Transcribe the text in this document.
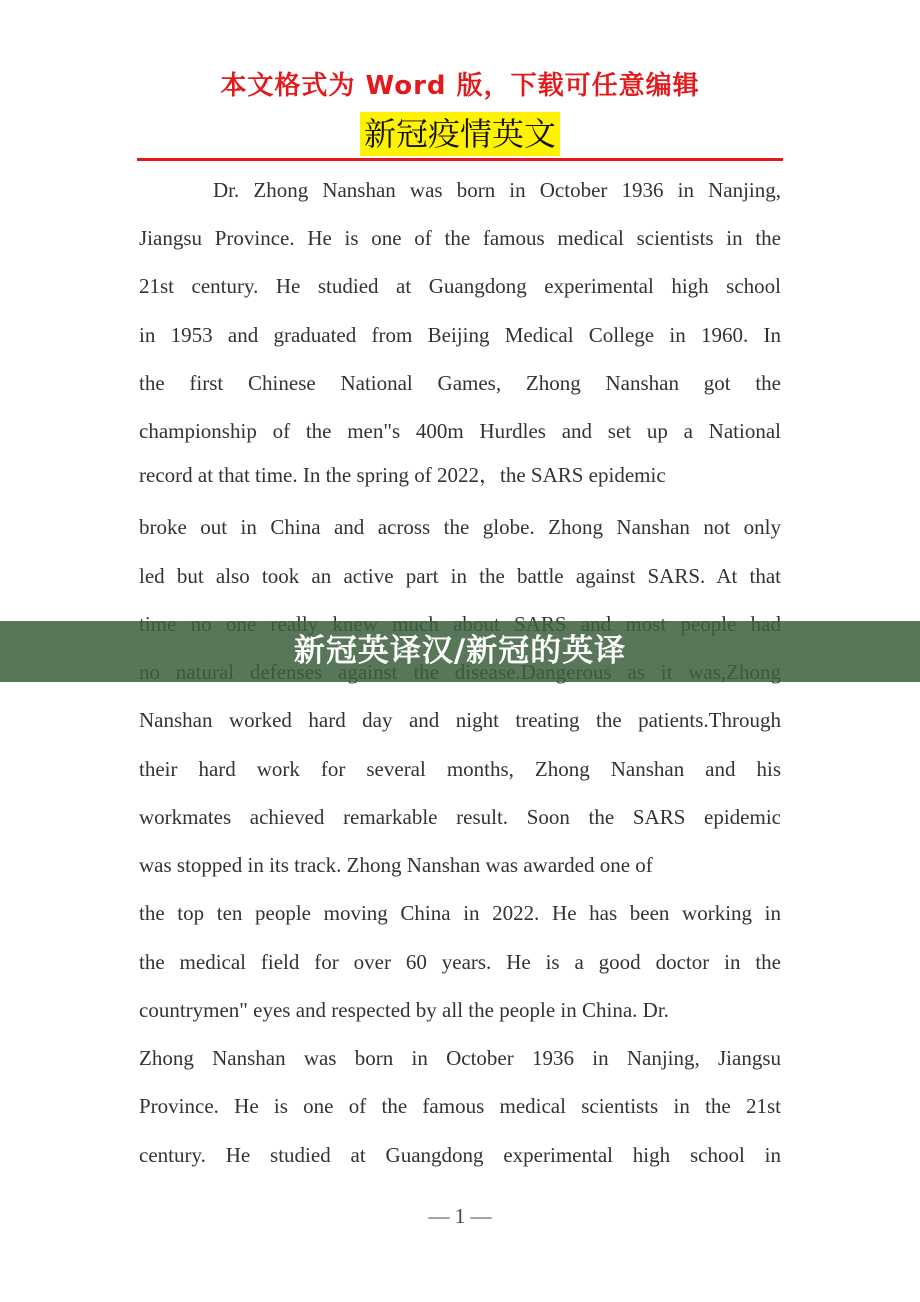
本文格式为 Word 版，下载可任意编辑
新冠疫情英文
Dr. Zhong Nanshan was born in October 1936 in Nanjing,
Jiangsu Province. He is one of the famous medical scientists in the
21st century. He studied at Guangdong experimental high school
in 1953 and graduated from Beijing Medical College in 1960. In
the first Chinese National Games, Zhong Nanshan got the
championship of the men"s 400m Hurdles and set up a National
record at that time. In the spring of 2022，the SARS epidemic
broke out in China and across the globe. Zhong Nanshan not only
led but also took an active part in the battle against SARS. At that
Nanshan worked hard day and night treating the patients.Through
their hard work for several months, Zhong Nanshan and his
workmates achieved remarkable result. Soon the SARS epidemic
was stopped in its track. Zhong Nanshan was awarded one of
the top ten people moving China in 2022. He has been working in
the medical field for over 60 years. He is a good doctor in the
countrymen" eyes and respected by all the people in China. Dr.
Zhong Nanshan was born in October 1936 in Nanjing, Jiangsu
Province. He is one of the famous medical scientists in the 21st
century. He studied at Guangdong experimental high school in
新冠英译汉/新冠的英译
— 1 —
